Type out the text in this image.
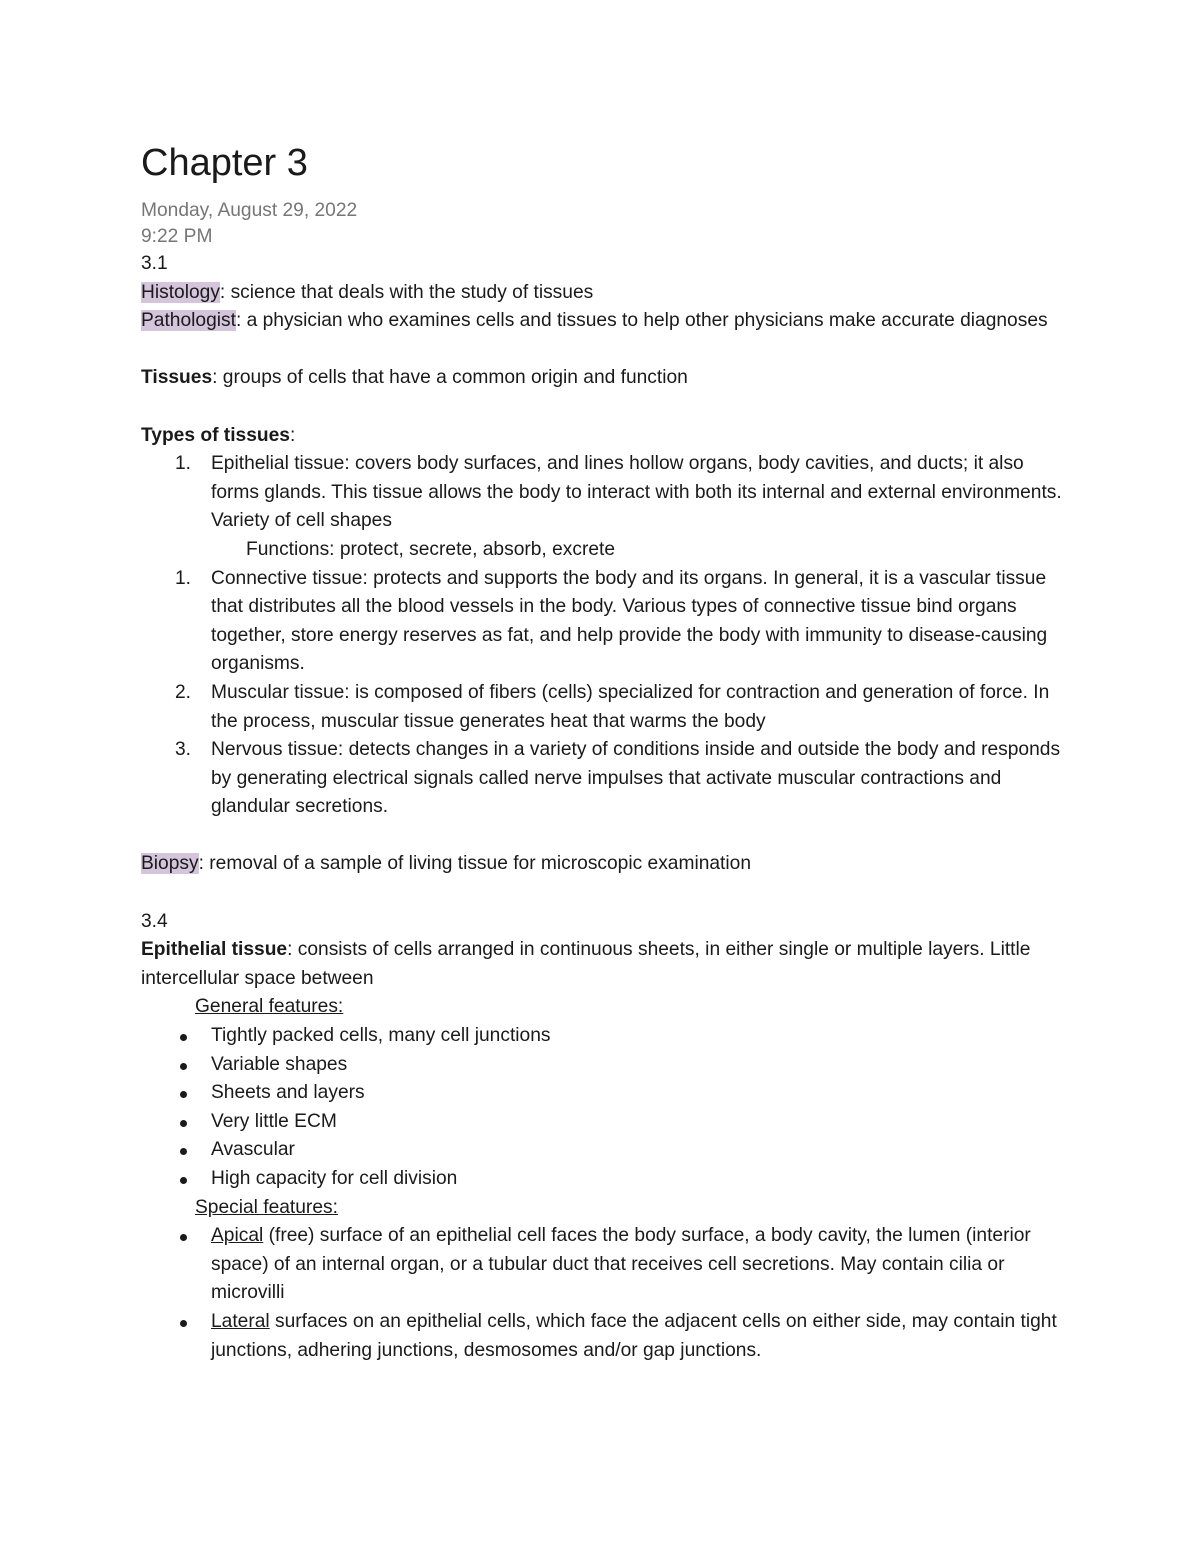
Chapter 3
Monday, August 29, 2022
9:22 PM

3.1

Histology: science that deals with the study of tissues

Pathologist: a physician who examines cells and tissues to help other physicians make accurate diagnoses

Tissues: groups of cells that have a common origin and function

Types of tissues:

1. Epithelial tissue: covers body surfaces, and lines hollow organs, body cavities, and ducts; it also forms glands. This tissue allows the body to interact with both its internal and external environments. Variety of cell shapes

Functions: protect, secrete, absorb, excrete

1. Connective tissue: protects and supports the body and its organs. In general, it is a vascular tissue that distributes all the blood vessels in the body. Various types of connective tissue bind organs together, store energy reserves as fat, and help provide the body with immunity to disease-causing organisms.
2. Muscular tissue: is composed of fibers (cells) specialized for contraction and generation of force. In the process, muscular tissue generates heat that warms the body
3. Nervous tissue: detects changes in a variety of conditions inside and outside the body and responds by generating electrical signals called nerve impulses that activate muscular contractions and glandular secretions.

Biopsy: removal of a sample of living tissue for microscopic examination

3.4

Epithelial tissue: consists of cells arranged in continuous sheets, in either single or multiple layers. Little intercellular space between

General features:

Tightly packed cells, many cell junctions
Variable shapes
Sheets and layers
Very little ECM
Avascular
High capacity for cell division

Special features:

Apical (free) surface of an epithelial cell faces the body surface, a body cavity, the lumen (interior space) of an internal organ, or a tubular duct that receives cell secretions. May contain cilia or microvilli
Lateral surfaces on an epithelial cells, which face the adjacent cells on either side, may contain tight junctions, adhering junctions, desmosomes and/or gap junctions.
